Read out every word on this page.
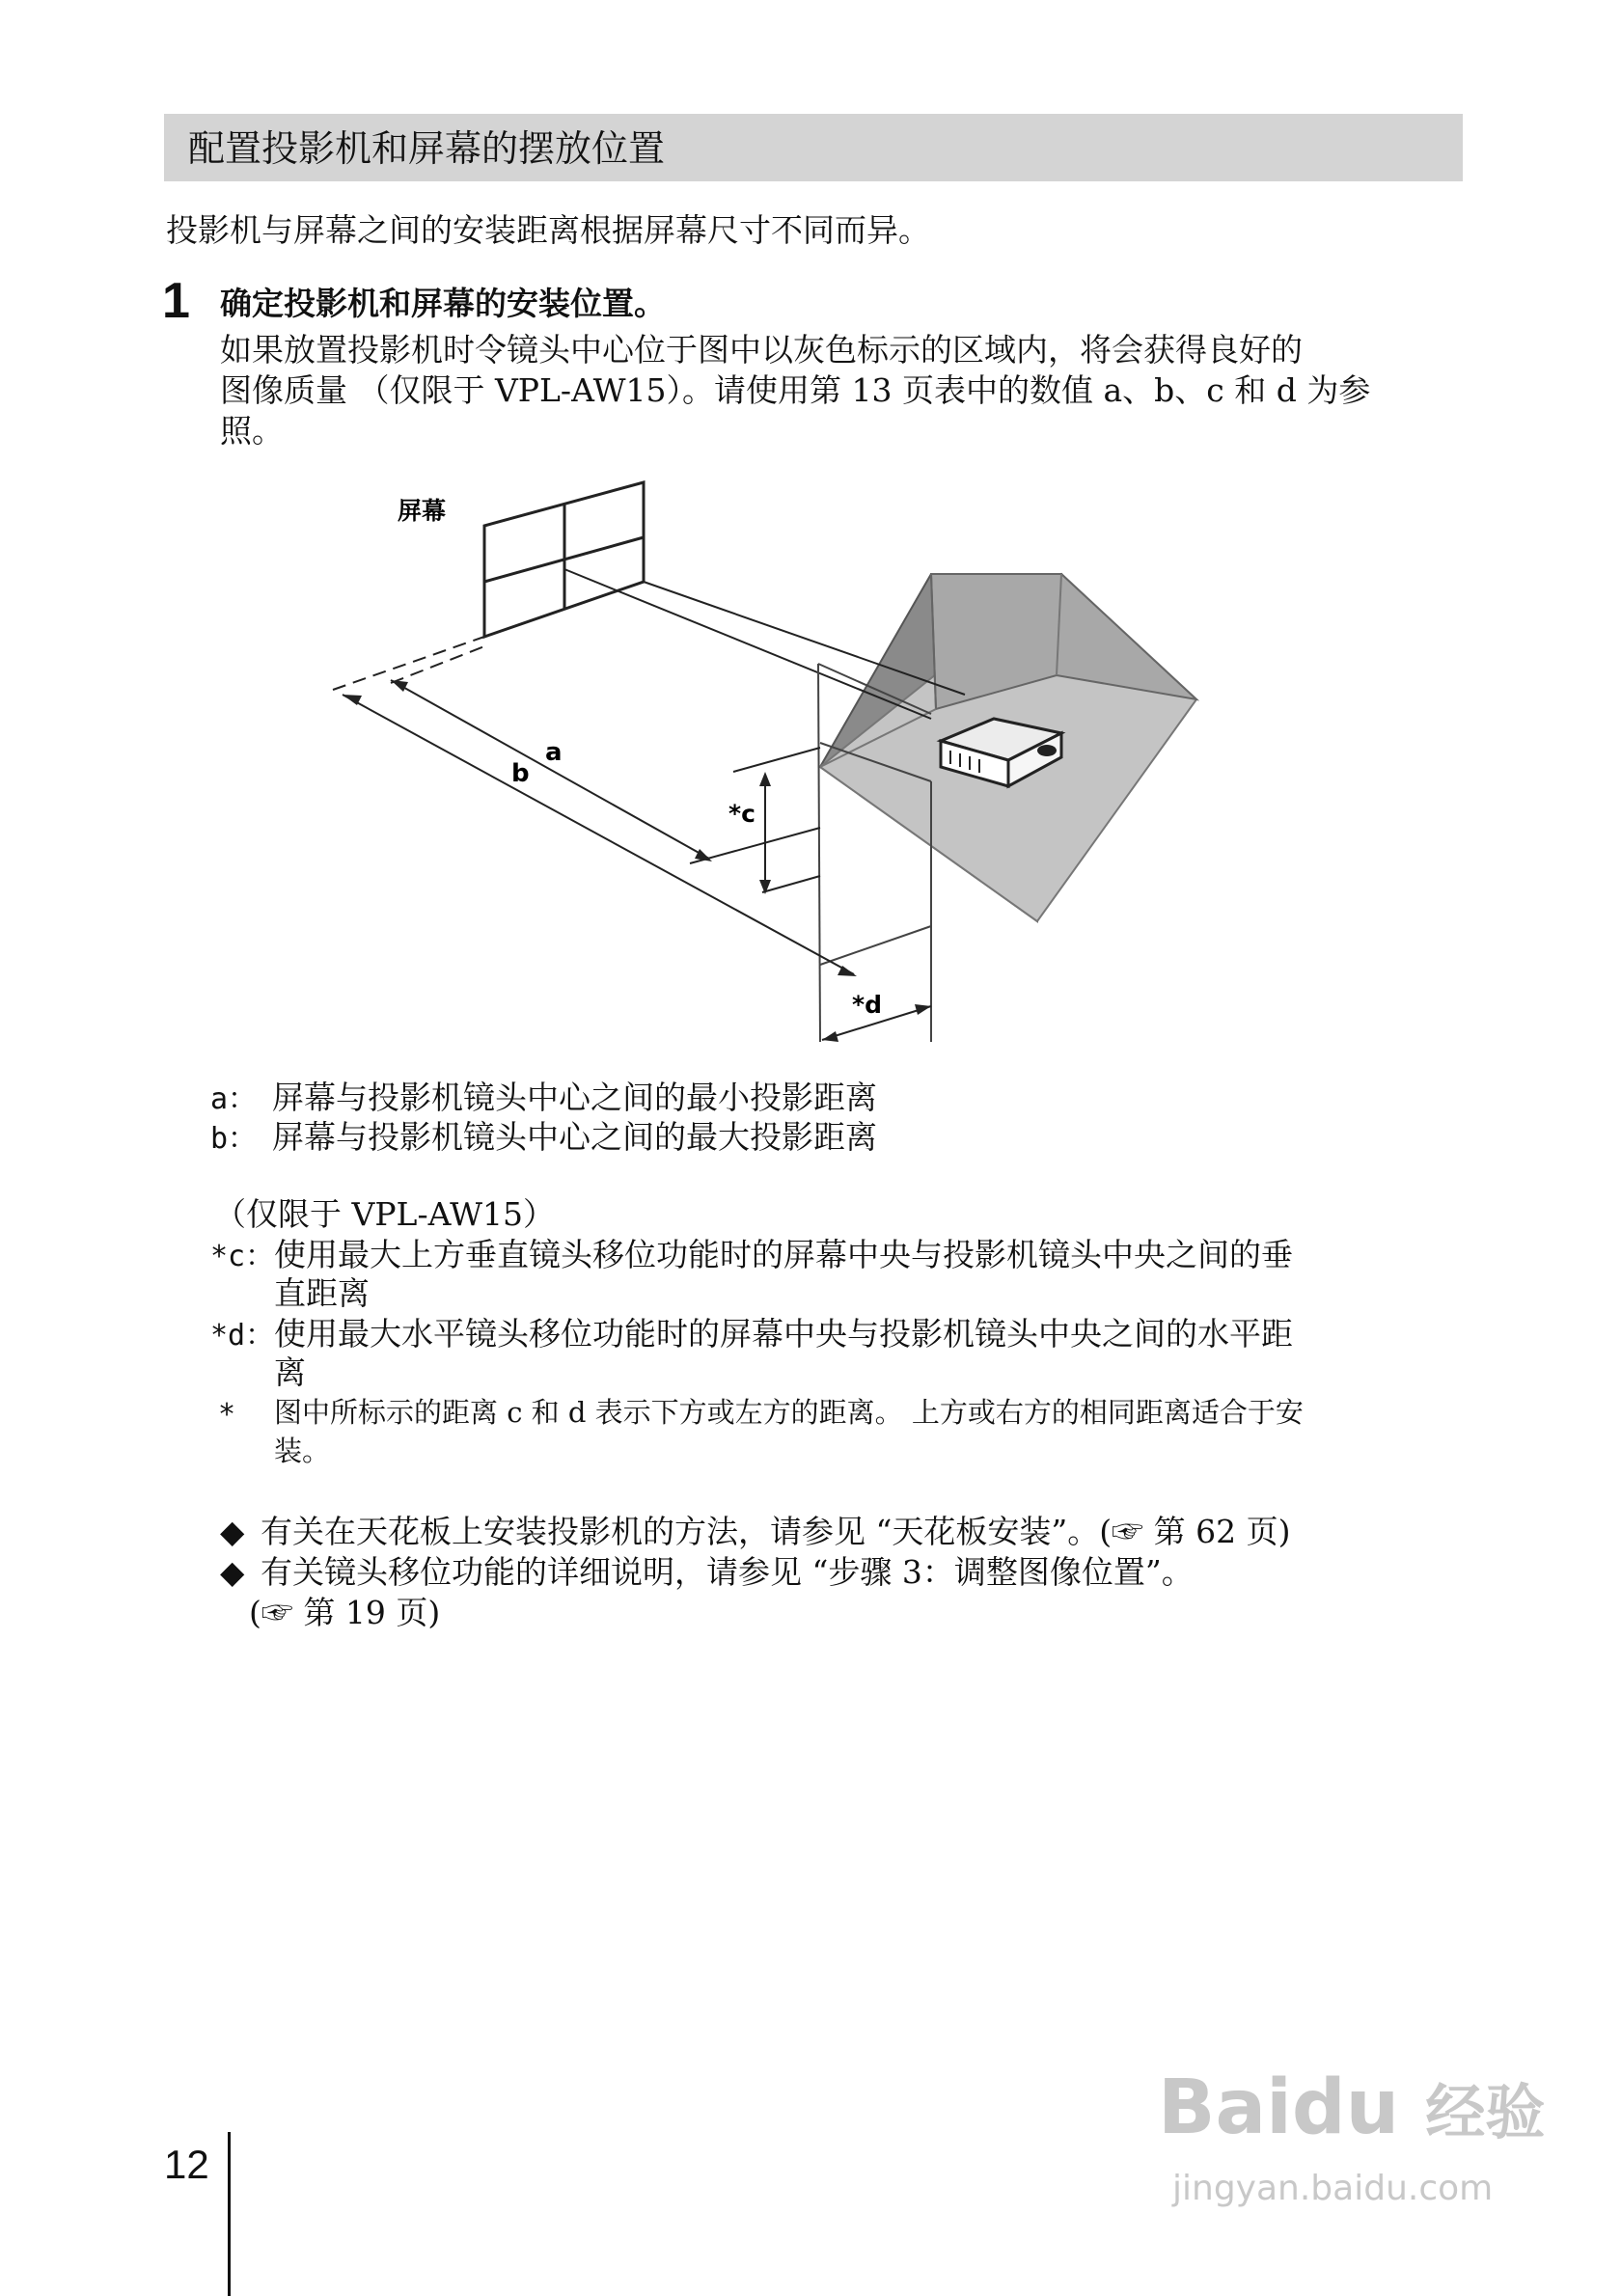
配置投影机和屏幕的摆放位置
投影机与屏幕之间的安装距离根据屏幕尺寸不同而异。
1 确定投影机和屏幕的安装位置。
如果放置投影机时令镜头中心位于图中以灰色标示的区域内，将会获得良好的
图像质量 （仅限于 VPL-AW15）。请使用第 13 页表中的数值 a、b、c 和 d 为参
照。
屏幕
*c
a
b
*d
a： 屏幕与投影机镜头中心之间的最小投影距离
b： 屏幕与投影机镜头中心之间的最大投影距离
（仅限于 VPL-AW15）
*c： 使用最大上方垂直镜头移位功能时的屏幕中央与投影机镜头中央之间的垂
直距离
*d： 使用最大水平镜头移位功能时的屏幕中央与投影机镜头中央之间的水平距
离
* 图中所标示的距离 c 和 d 表示下方或左方的距离。 上方或右方的相同距离适合于安
装。
◆ 有关在天花板上安装投影机的方法，请参见 “天花板安装”。(☞ 第 62 页)
◆ 有关镜头移位功能的详细说明，请参见 “步骤 3：调整图像位置”。
(☞ 第 19 页)
Baidu 经验
jingyan.baidu.com
12
